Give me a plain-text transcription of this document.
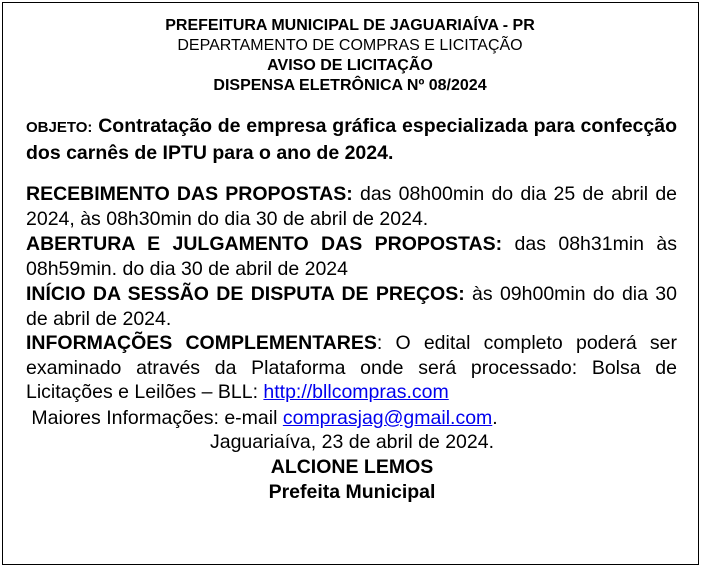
PREFEITURA MUNICIPAL DE JAGUARIAÍVA - PR
DEPARTAMENTO DE COMPRAS E LICITAÇÃO
AVISO DE LICITAÇÃO
DISPENSA ELETRÔNICA Nº 08/2024
OBJETO: Contratação de empresa gráfica especializada para confecção dos carnês de IPTU para o ano de 2024.
RECEBIMENTO DAS PROPOSTAS: das 08h00min do dia 25 de abril de 2024, às 08h30min do dia 30 de abril de 2024.
ABERTURA E JULGAMENTO DAS PROPOSTAS: das 08h31min às 08h59min. do dia 30 de abril de 2024
INÍCIO DA SESSÃO DE DISPUTA DE PREÇOS: às 09h00min do dia 30 de abril de 2024.
INFORMAÇÕES COMPLEMENTARES: O edital completo poderá ser examinado através da Plataforma onde será processado: Bolsa de Licitações e Leilões – BLL: http://bllcompras.com
Maiores Informações: e-mail comprasjag@gmail.com.
Jaguariaíva, 23 de abril de 2024.
ALCIONE LEMOS
Prefeita Municipal
